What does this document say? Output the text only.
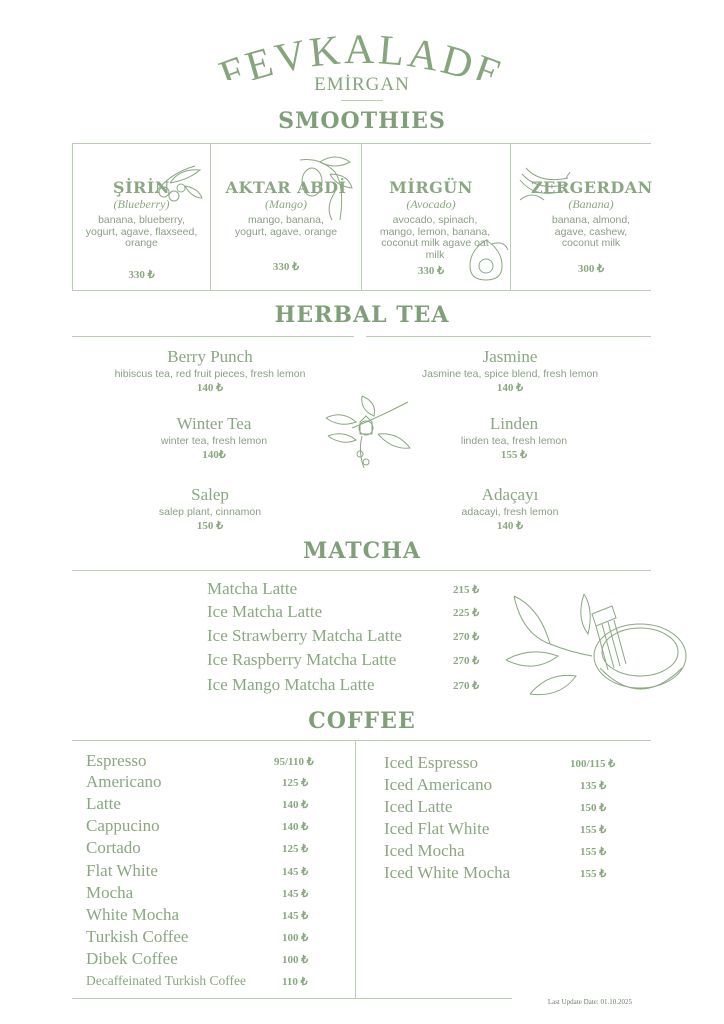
FEVKALADE
EMİRGAN
SMOOTHIES
ŞİRİN
(Blueberry)
banana, blueberry, yogurt, agave, flaxseed, orange
330 ₺
AKTAR ABDİ
(Mango)
mango, banana, yogurt, agave, orange
330 ₺
MİRGÜN
(Avocado)
avocado, spinach, mango, lemon, banana, coconut milk agave oat milk
330 ₺
ZERGERDAN
(Banana)
banana, almond, agave, cashew, coconut milk
300 ₺
HERBAL TEA
Berry Punch
hibiscus tea, red fruit pieces, fresh lemon
140 ₺
Jasmine
Jasmine tea, spice blend, fresh lemon
140 ₺
Winter Tea
winter tea, fresh lemon
140₺
Linden
linden tea, fresh lemon
155 ₺
Salep
salep plant, cinnamon
150 ₺
Adaçayı
adacayi, fresh lemon
140 ₺
MATCHA
Matcha Latte	215 ₺
Ice Matcha Latte	225 ₺
Ice Strawberry Matcha Latte	270 ₺
Ice Raspberry Matcha Latte	270 ₺
Ice Mango Matcha Latte	270 ₺
COFFEE
Espresso	95/110 ₺
Americano	125 ₺
Latte	140 ₺
Cappucino	140 ₺
Cortado	125 ₺
Flat White	145 ₺
Mocha	145 ₺
White Mocha	145 ₺
Turkish Coffee	100 ₺
Dibek Coffee	100 ₺
Decaffeinated Turkish Coffee	110 ₺
Iced Espresso	100/115 ₺
Iced Americano	135 ₺
Iced Latte	150 ₺
Iced Flat White	155 ₺
Iced Mocha	155 ₺
Iced White Mocha	155 ₺
Last Update Date: 01.10.2025
